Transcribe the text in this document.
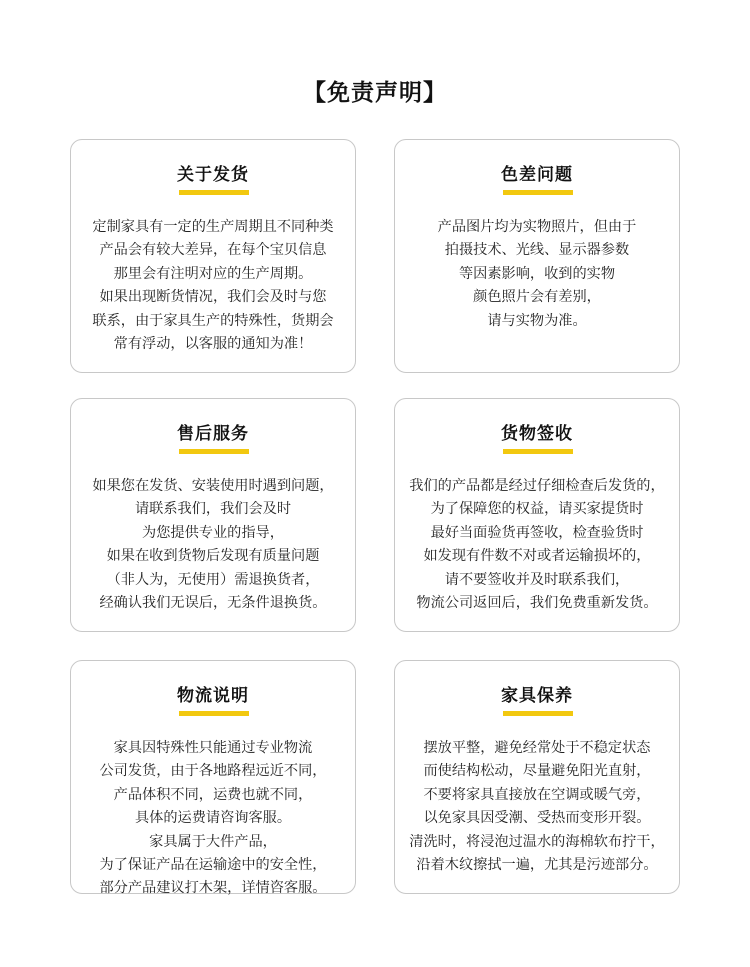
【免责声明】
关于发货
定制家具有一定的生产周期且不同种类
产品会有较大差异，在每个宝贝信息
那里会有注明对应的生产周期。
如果出现断货情况，我们会及时与您
联系，由于家具生产的特殊性，货期会
常有浮动，以客服的通知为准！
色差问题
产品图片均为实物照片，但由于
拍摄技术、光线、显示器参数
等因素影响，收到的实物
颜色照片会有差别，
请与实物为准。
售后服务
如果您在发货、安装使用时遇到问题，
请联系我们，我们会及时
为您提供专业的指导，
如果在收到货物后发现有质量问题
（非人为，无使用）需退换货者，
经确认我们无误后，无条件退换货。
货物签收
我们的产品都是经过仔细检查后发货的，
为了保障您的权益，请买家提货时
最好当面验货再签收，检查验货时
如发现有件数不对或者运输损坏的，
请不要签收并及时联系我们，
物流公司返回后，我们免费重新发货。
物流说明
家具因特殊性只能通过专业物流
公司发货，由于各地路程远近不同，
产品体积不同，运费也就不同，
具体的运费请咨询客服。
家具属于大件产品，
为了保证产品在运输途中的安全性，
部分产品建议打木架，详情咨客服。
家具保养
摆放平整，避免经常处于不稳定状态
而使结构松动，尽量避免阳光直射，
不要将家具直接放在空调或暖气旁，
以免家具因受潮、受热而变形开裂。
清洗时，将浸泡过温水的海棉软布拧干，
沿着木纹擦拭一遍，尤其是污迹部分。
